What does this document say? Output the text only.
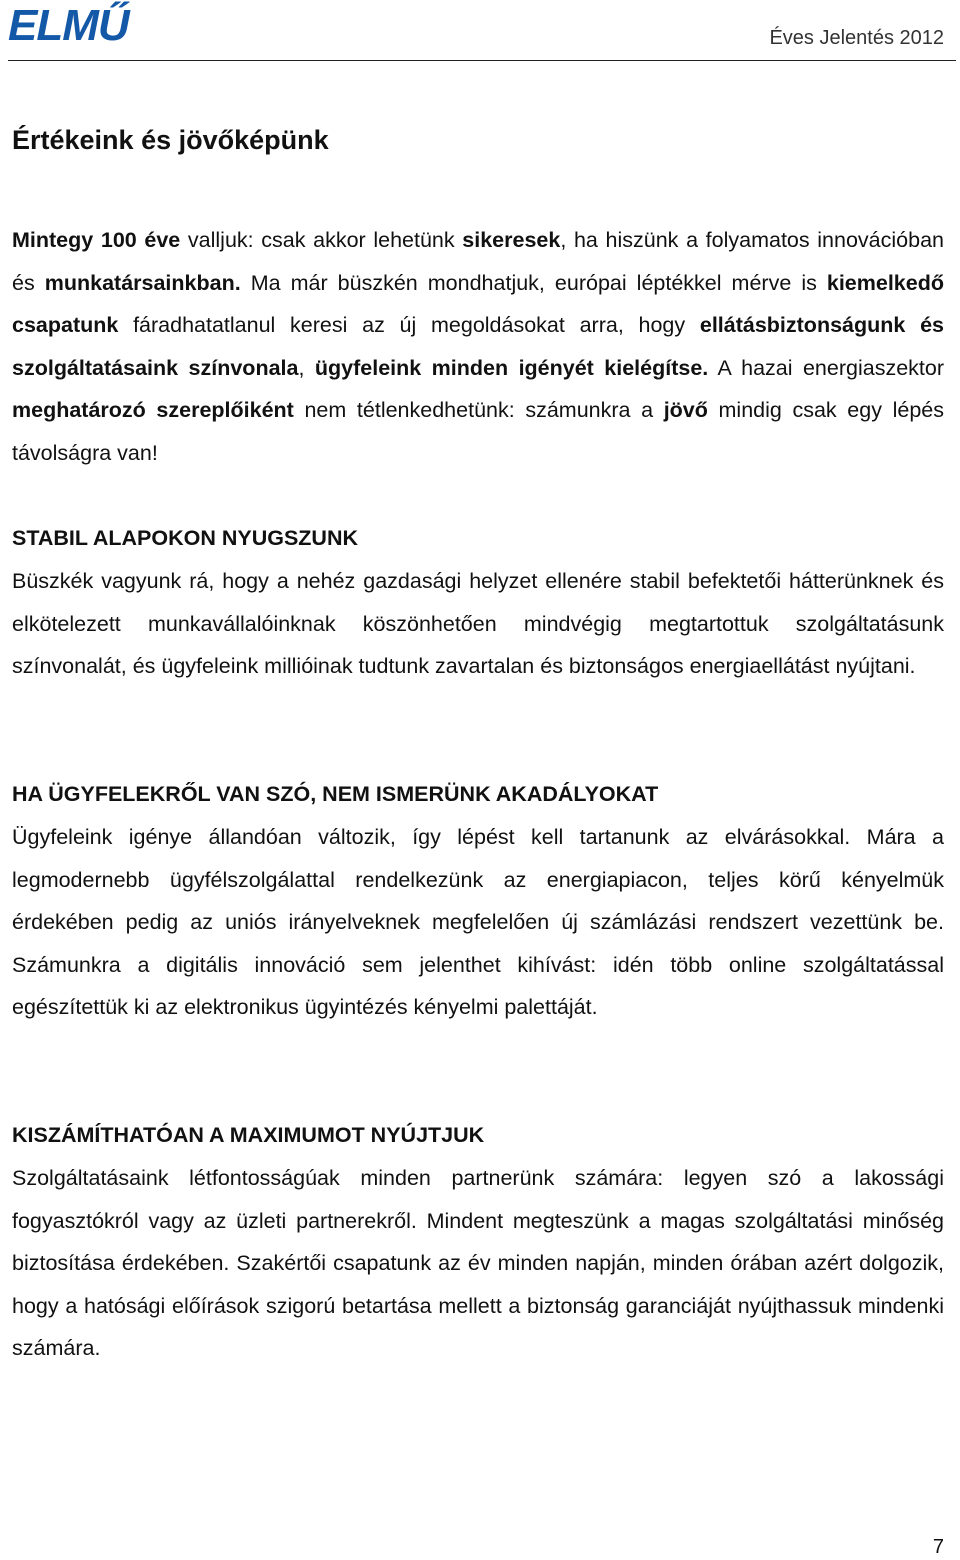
ELMŰ	Éves Jelentés 2012
Értékeink és jövőképünk

Mintegy 100 éve valljuk: csak akkor lehetünk sikeresek, ha hiszünk a folyamatos innovációban és munkatársainkban. Ma már büszkén mondhatjuk, európai léptékkel mérve is kiemelkedő csapatunk fáradhatatlanul keresi az új megoldásokat arra, hogy ellátásbiztonságunk és szolgáltatásaink színvonala, ügyfeleink minden igényét kielégítse. A hazai energiaszektor meghatározó szereplőiként nem tétlenkedhetünk: számunkra a jövő mindig csak egy lépés távolságra van!

STABIL ALAPOKON NYUGSZUNK

Büszkék vagyunk rá, hogy a nehéz gazdasági helyzet ellenére stabil befektetői hátterünknek és elkötelezett munkavállalóinknak köszönhetően mindvégig megtartottuk szolgáltatásunk színvonalát, és ügyfeleink millióinak tudtunk zavartalan és biztonságos energiaellátást nyújtani.

HA ÜGYFELEKRŐL VAN SZÓ, NEM ISMERÜNK AKADÁLYOKAT

Ügyfeleink igénye állandóan változik, így lépést kell tartanunk az elvárásokkal. Mára a legmodernebb ügyfélszolgálattal rendelkezünk az energiapiacon, teljes körű kényelmük érdekében pedig az uniós irányelveknek megfelelően új számlázási rendszert vezettünk be. Számunkra a digitális innováció sem jelenthet kihívást: idén több online szolgáltatással egészítettük ki az elektronikus ügyintézés kényelmi palettáját.

KISZÁMÍTHATÓAN A MAXIMUMOT NYÚJTJUK

Szolgáltatásaink létfontosságúak minden partnerünk számára: legyen szó a lakossági fogyasztókról vagy az üzleti partnerekről. Mindent megteszünk a magas szolgáltatási minőség biztosítása érdekében. Szakértői csapatunk az év minden napján, minden órában azért dolgozik, hogy a hatósági előírások szigorú betartása mellett a biztonság garanciáját nyújthassuk mindenki számára.

7
